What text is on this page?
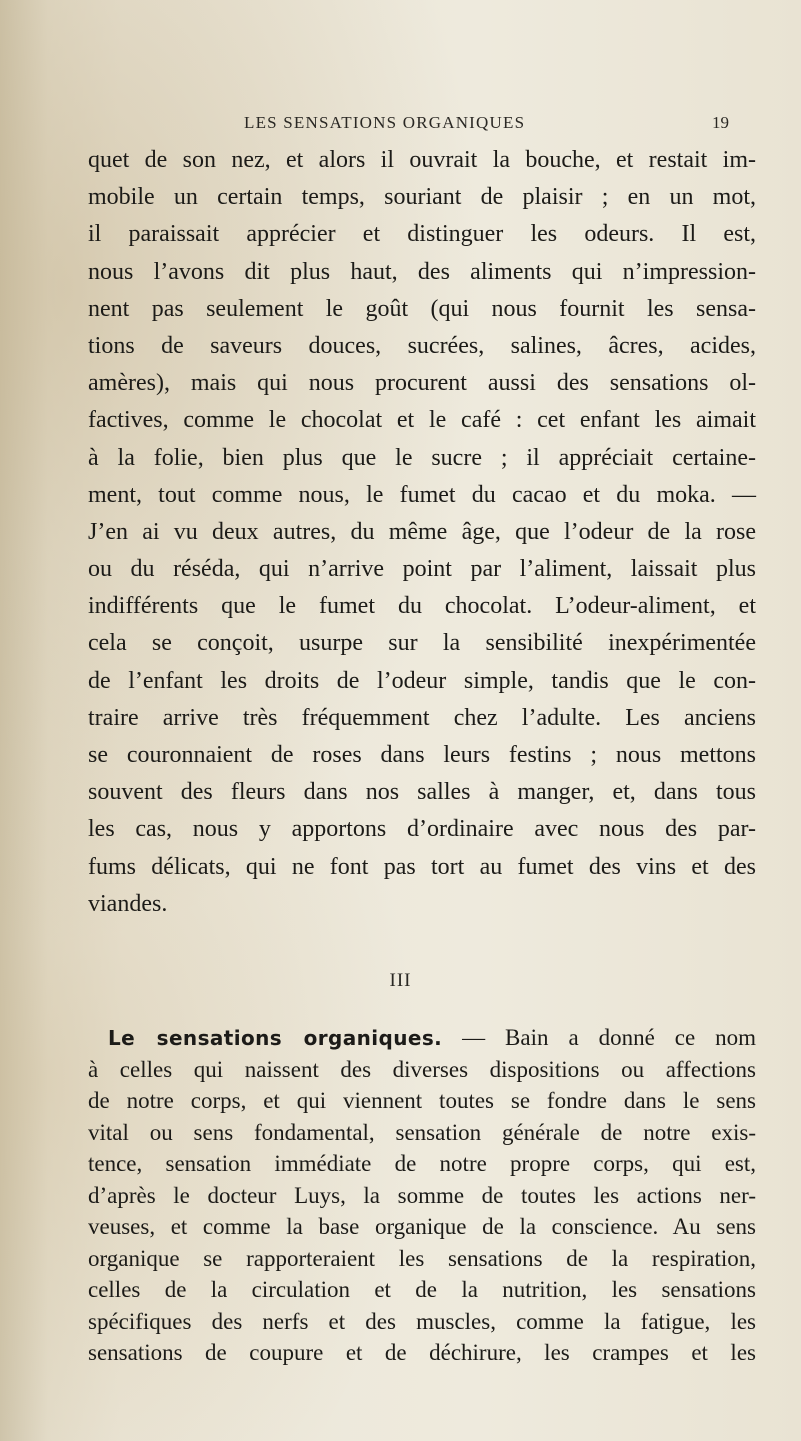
LES SENSATIONS ORGANIQUES	19
quet de son nez, et alors il ouvrait la bouche, et restait im-
mobile un certain temps, souriant de plaisir ; en un mot,
il paraissait apprécier et distinguer les odeurs. Il est,
nous l’avons dit plus haut, des aliments qui n’impression-
nent pas seulement le goût (qui nous fournit les sensa-
tions de saveurs douces, sucrées, salines, âcres, acides,
amères), mais qui nous procurent aussi des sensations ol-
factives, comme le chocolat et le café : cet enfant les aimait
à la folie, bien plus que le sucre ; il appréciait certaine-
ment, tout comme nous, le fumet du cacao et du moka. —
J’en ai vu deux autres, du même âge, que l’odeur de la rose
ou du réséda, qui n’arrive point par l’aliment, laissait plus
indifférents que le fumet du chocolat. L’odeur-aliment, et
cela se conçoit, usurpe sur la sensibilité inexpérimentée
de l’enfant les droits de l’odeur simple, tandis que le con-
traire arrive très fréquemment chez l’adulte. Les anciens
se couronnaient de roses dans leurs festins ; nous mettons
souvent des fleurs dans nos salles à manger, et, dans tous
les cas, nous y apportons d’ordinaire avec nous des par-
fums délicats, qui ne font pas tort au fumet des vins et des
viandes.
III
Le sensations organiques. — Bain a donné ce nom
à celles qui naissent des diverses dispositions ou affections
de notre corps, et qui viennent toutes se fondre dans le sens
vital ou sens fondamental, sensation générale de notre exis-
tence, sensation immédiate de notre propre corps, qui est,
d’après le docteur Luys, la somme de toutes les actions ner-
veuses, et comme la base organique de la conscience. Au sens
organique se rapporteraient les sensations de la respiration,
celles de la circulation et de la nutrition, les sensations
spécifiques des nerfs et des muscles, comme la fatigue, les
sensations de coupure et de déchirure, les crampes et les
